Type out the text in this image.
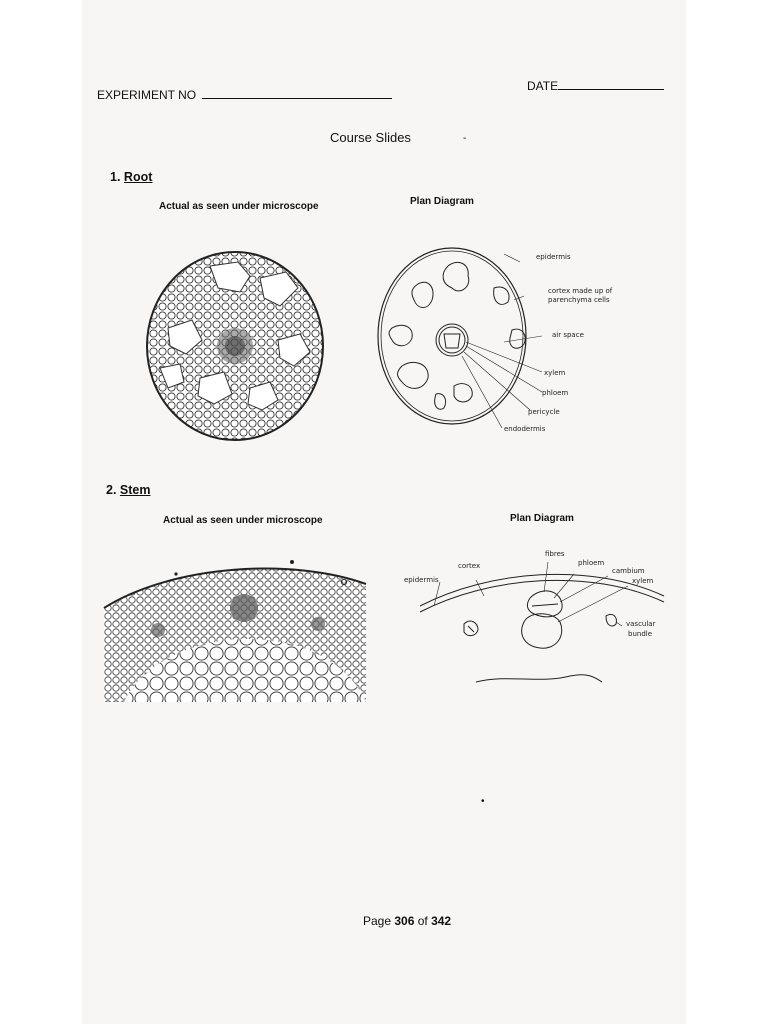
EXPERIMENT NO
DATE
Course Slides	-
1. Root
Actual as seen under microscope	Plan Diagram
epidermis
cortex made up of
parenchyma cells
air space
xylem
phloem
pericycle
endodermis
2. Stem
Actual as seen under microscope	Plan Diagram
fibres
phloem
cortex
cambium
epidermis	xylem
vascular
bundle
•
Page 306 of 342
